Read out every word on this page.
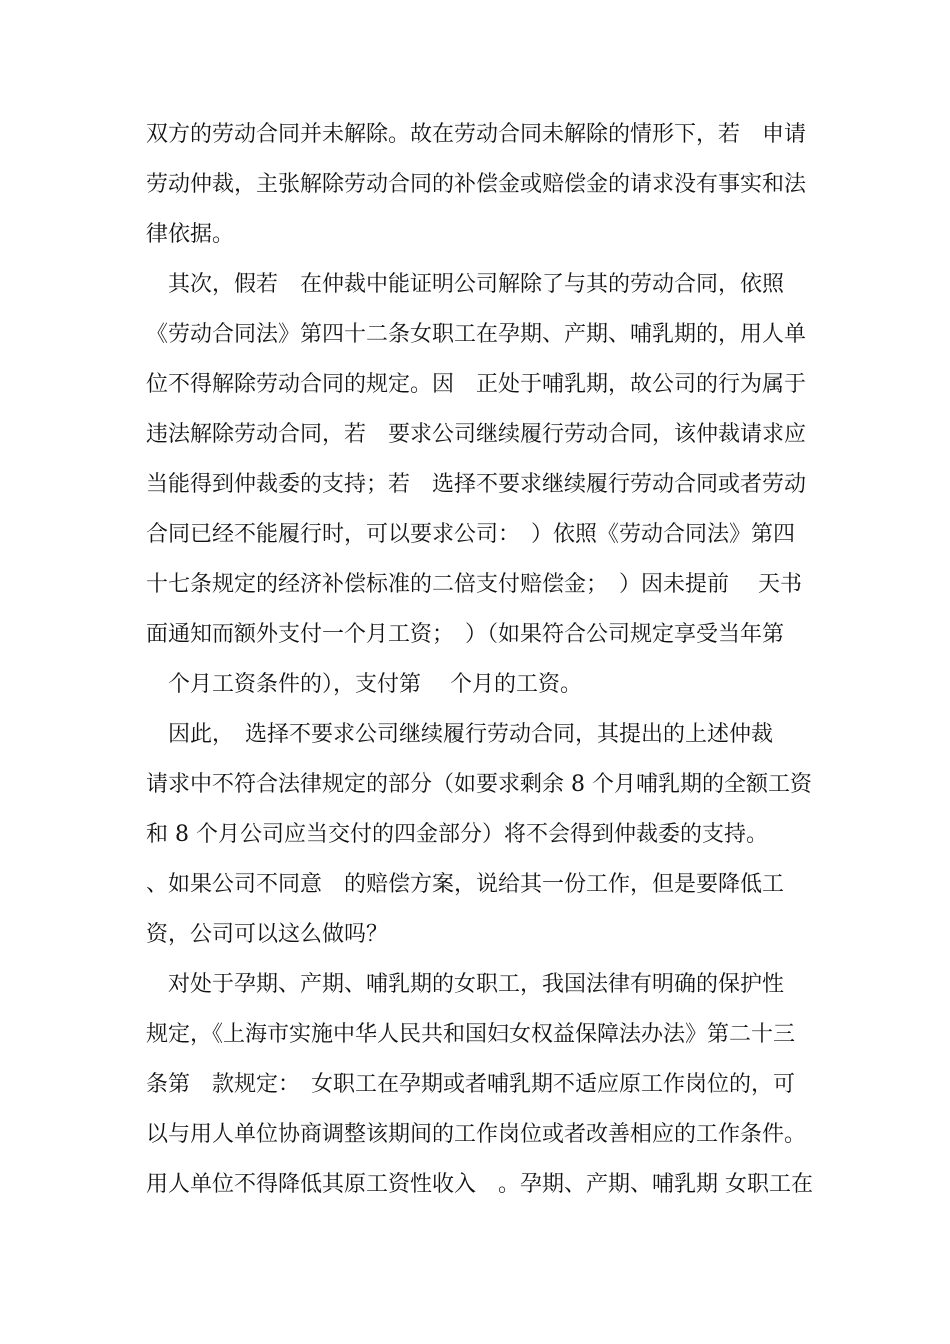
双方的劳动合同并未解除。故在劳动合同未解除的情形下，若　申请
劳动仲裁，主张解除劳动合同的补偿金或赔偿金的请求没有事实和法
律依据。
　其次，假若　在仲裁中能证明公司解除了与其的劳动合同，依照
《劳动合同法》第四十二条女职工在孕期、产期、哺乳期的，用人单
位不得解除劳动合同的规定。因　正处于哺乳期，故公司的行为属于
违法解除劳动合同，若　要求公司继续履行劳动合同，该仲裁请求应
当能得到仲裁委的支持；若　选择不要求继续履行劳动合同或者劳动
合同已经不能履行时，可以要求公司：　）依照《劳动合同法》第四
十七条规定的经济补偿标准的二倍支付赔偿金；　）因未提前　 天书
面通知而额外支付一个月工资；　）（如果符合公司规定享受当年第
　个月工资条件的），支付第　 个月的工资。
　因此，　选择不要求公司继续履行劳动合同，其提出的上述仲裁
请求中不符合法律规定的部分（如要求剩余 8 个月哺乳期的全额工资
和 8 个月公司应当交付的四金部分）将不会得到仲裁委的支持。
、如果公司不同意　的赔偿方案，说给其一份工作，但是要降低工
资，公司可以这么做吗？
　对处于孕期、产期、哺乳期的女职工，我国法律有明确的保护性
规定，《上海市实施中华人民共和国妇女权益保障法办法》第二十三
条第　款规定：　女职工在孕期或者哺乳期不适应原工作岗位的，可
以与用人单位协商调整该期间的工作岗位或者改善相应的工作条件。
用人单位不得降低其原工资性收入　。孕期、产期、哺乳期 女职工在
